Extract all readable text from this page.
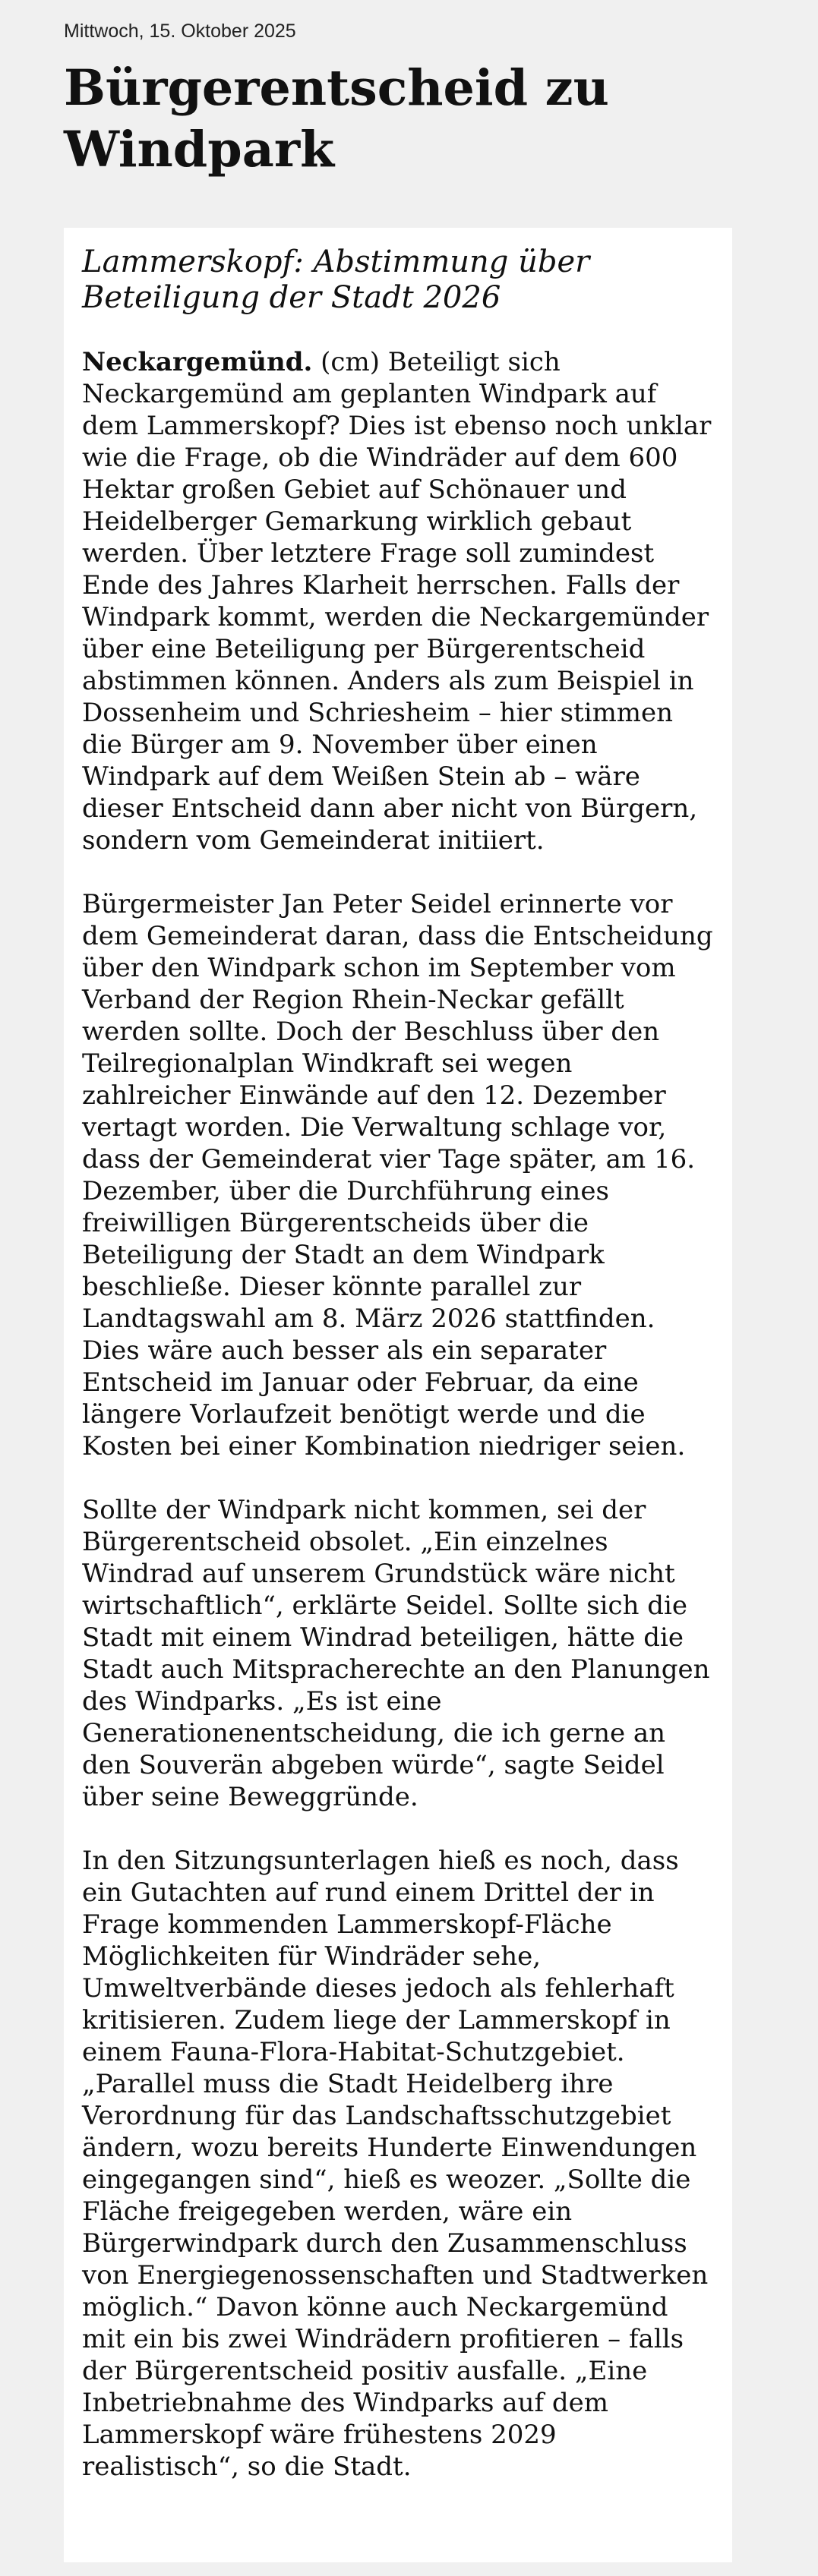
Mittwoch, 15. Oktober 2025
Bürgerentscheid zu Windpark
Lammerskopf: Abstimmung über Beteiligung der Stadt 2026

Neckargemünd. (cm) Beteiligt sich Neckargemünd am geplanten Windpark auf dem Lammerskopf? Dies ist ebenso noch unklar wie die Frage, ob die Windräder auf dem 600 Hektar großen Gebiet auf Schönauer und Heidelberger Gemarkung wirklich gebaut werden. Über letztere Frage soll zumindest Ende des Jahres Klarheit herrschen. Falls der Windpark kommt, werden die Neckargemünder über eine Beteiligung per Bürgerentscheid abstimmen können. Anders als zum Beispiel in Dossenheim und Schriesheim – hier stimmen die Bürger am 9. November über einen Windpark auf dem Weißen Stein ab – wäre dieser Entscheid dann aber nicht von Bürgern, sondern vom Gemeinderat initiiert.

Bürgermeister Jan Peter Seidel erinnerte vor dem Gemeinderat daran, dass die Entscheidung über den Windpark schon im September vom Verband der Region Rhein-Neckar gefällt werden sollte. Doch der Beschluss über den Teilregionalplan Windkraft sei wegen zahlreicher Einwände auf den 12. Dezember vertagt worden. Die Verwaltung schlage vor, dass der Gemeinderat vier Tage später, am 16. Dezember, über die Durchführung eines freiwilligen Bürgerentscheids über die Beteiligung der Stadt an dem Windpark beschließe. Dieser könnte parallel zur Landtagswahl am 8. März 2026 stattfinden. Dies wäre auch besser als ein separater Entscheid im Januar oder Februar, da eine längere Vorlaufzeit benötigt werde und die Kosten bei einer Kombination niedriger seien.

Sollte der Windpark nicht kommen, sei der Bürgerentscheid obsolet. „Ein einzelnes Windrad auf unserem Grundstück wäre nicht wirtschaftlich“, erklärte Seidel. Sollte sich die Stadt mit einem Windrad beteiligen, hätte die Stadt auch Mitspracherechte an den Planungen des Windparks. „Es ist eine Generationenentscheidung, die ich gerne an den Souverän abgeben würde“, sagte Seidel über seine Beweggründe.

In den Sitzungsunterlagen hieß es noch, dass ein Gutachten auf rund einem Drittel der in Frage kommenden Lammerskopf-Fläche Möglichkeiten für Windräder sehe, Umweltverbände dieses jedoch als fehlerhaft kritisieren. Zudem liege der Lammerskopf in einem Fauna-Flora-Habitat-Schutzgebiet. „Parallel muss die Stadt Heidelberg ihre Verordnung für das Landschaftsschutzgebiet ändern, wozu bereits Hunderte Einwendungen eingegangen sind“, hieß es weozer. „Sollte die Fläche freigegeben werden, wäre ein Bürgerwindpark durch den Zusammenschluss von Energiegenossenschaften und Stadtwerken möglich.“ Davon könne auch Neckargemünd mit ein bis zwei Windrädern profitieren – falls der Bürgerentscheid positiv ausfalle. „Eine Inbetriebnahme des Windparks auf dem Lammerskopf wäre frühestens 2029 realistisch“, so die Stadt.
